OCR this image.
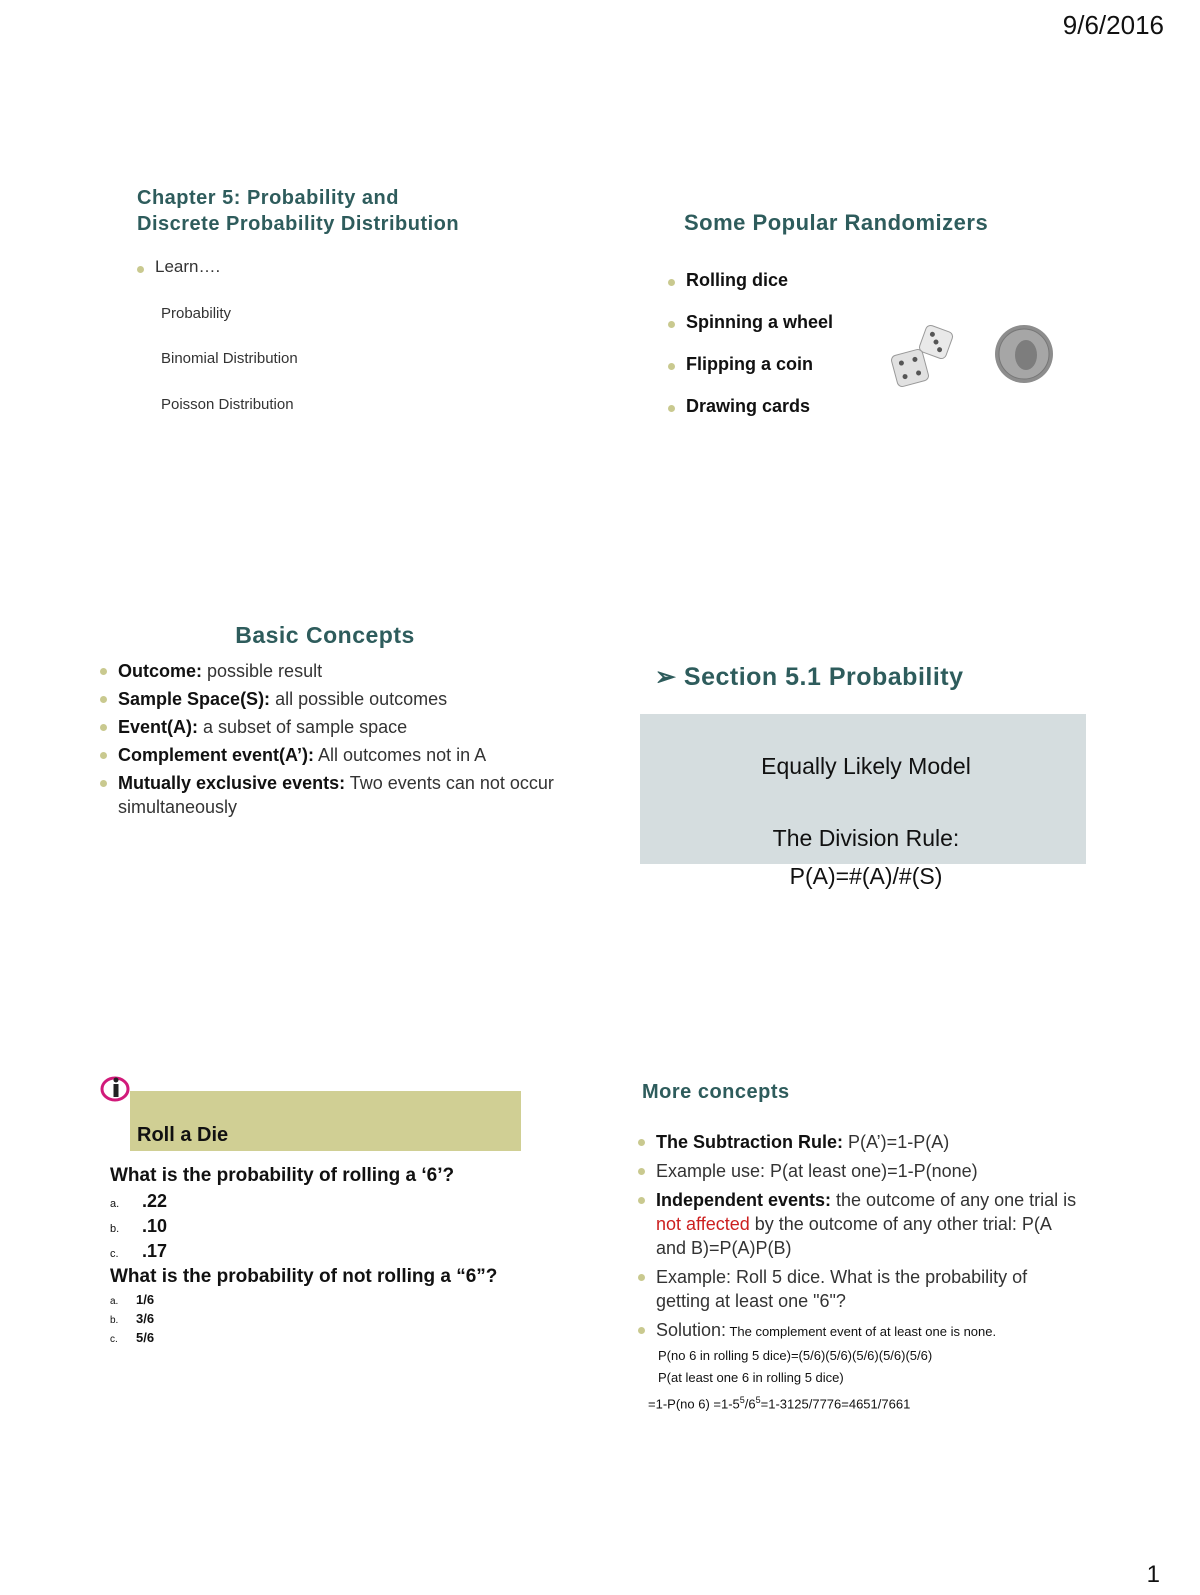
9/6/2016
Chapter 5: Probability and
Discrete Probability Distribution
Learn….
Probability
Binomial Distribution
Poisson Distribution
Some Popular Randomizers
Rolling dice
Spinning a wheel
Flipping a coin
Drawing cards
Basic Concepts
Outcome: possible result
Sample Space(S): all possible outcomes
Event(A): a subset of sample space
Complement event(A’): All outcomes not in A
Mutually exclusive events: Two events can not occur simultaneously
➢ Section 5.1 Probability
Equally Likely Model
The Division Rule:
P(A)=#(A)/#(S)
Roll a Die
What is the probability of rolling a ‘6’?
a. .22
b. .10
c. .17
What is the probability of not rolling a “6”?
a. 1/6
b. 3/6
c. 5/6
More concepts
The Subtraction Rule: P(A’)=1-P(A)
Example use: P(at least one)=1-P(none)
Independent events: the outcome of any one trial is not affected by the outcome of any other trial: P(A and B)=P(A)P(B)
Example: Roll 5 dice. What is the probability of getting at least one "6"?
Solution: The complement event of at least one is none.
P(no 6 in rolling 5 dice)=(5/6)(5/6)(5/6)(5/6)(5/6)
P(at least one 6 in rolling 5 dice)
=1-P(no $6) =1-5^5/6^5=1-3125/7776=4651/7661$
1
